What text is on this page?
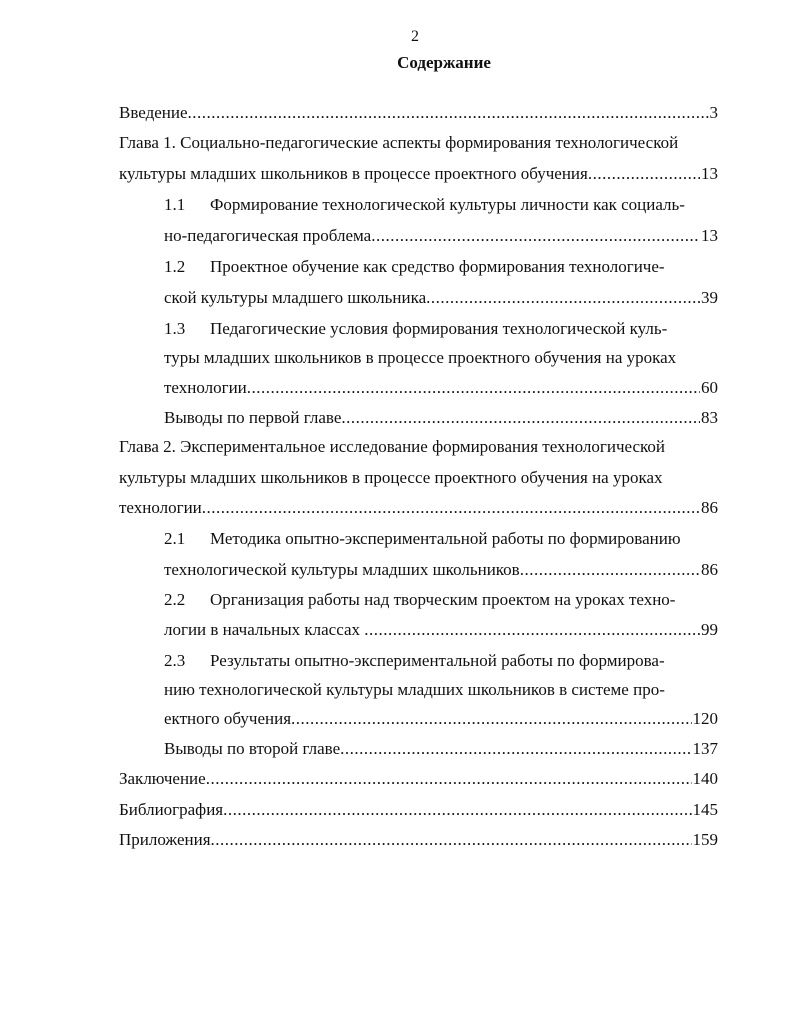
2
Содержание
Введение .....	3
Глава 1. Социально-педагогические аспекты формирования технологической
культуры младших школьников в процессе проектного обучения .....	13
1.1 Формирование технологической культуры личности как социаль-
но-педагогическая проблема .....	13
1.2 Проектное обучение как средство формирования технологиче-
ской культуры младшего школьника .....	39
1.3 Педагогические условия формирования технологической куль-
туры младших школьников в процессе проектного обучения на уроках
технологии .....	60
Выводы по первой главе .....	83
Глава 2. Экспериментальное исследование формирования технологической
культуры младших школьников в процессе проектного обучения на уроках
технологии .....	86
2.1 Методика опытно-экспериментальной работы по формированию
технологической культуры младших школьников .....	86
2.2 Организация работы над творческим проектом на уроках техно-
логии в начальных классах .....	99
2.3 Результаты опытно-экспериментальной работы по формирова-
нию технологической культуры младших школьников в системе про-
ектного обучения .....	120
Выводы по второй главе .....	137
Заключение .....	140
Библиография .....	145
Приложения .....	159
